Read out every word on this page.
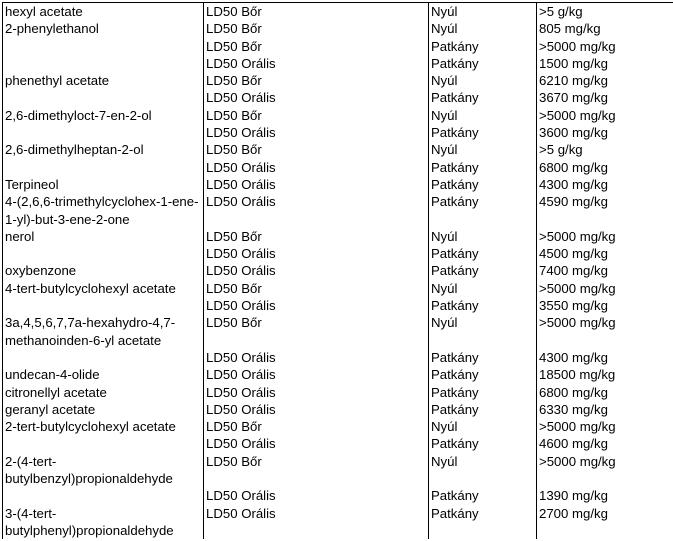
hexyl acetate	LD50 Bőr	Nyúl	>5 g/kg
2-phenylethanol	LD50 Bőr	Nyúl	805 mg/kg
	LD50 Bőr	Patkány	>5000 mg/kg
	LD50 Orális	Patkány	1500 mg/kg
phenethyl acetate	LD50 Bőr	Nyúl	6210 mg/kg
	LD50 Orális	Patkány	3670 mg/kg
2,6-dimethyloct-7-en-2-ol	LD50 Bőr	Nyúl	>5000 mg/kg
	LD50 Orális	Patkány	3600 mg/kg
2,6-dimethylheptan-2-ol	LD50 Bőr	Nyúl	>5 g/kg
	LD50 Orális	Patkány	6800 mg/kg
Terpineol	LD50 Orális	Patkány	4300 mg/kg
4-(2,6,6-trimethylcyclohex-1-ene-1-yl)-but-3-ene-2-one	LD50 Orális	Patkány	4590 mg/kg
nerol	LD50 Bőr	Nyúl	>5000 mg/kg
	LD50 Orális	Patkány	4500 mg/kg
oxybenzone	LD50 Orális	Patkány	7400 mg/kg
4-tert-butylcyclohexyl acetate	LD50 Bőr	Nyúl	>5000 mg/kg
	LD50 Orális	Patkány	3550 mg/kg
3a,4,5,6,7,7a-hexahydro-4,7-methanoinden-6-yl acetate	LD50 Bőr	Nyúl	>5000 mg/kg
	LD50 Orális	Patkány	4300 mg/kg
undecan-4-olide	LD50 Orális	Patkány	18500 mg/kg
citronellyl acetate	LD50 Orális	Patkány	6800 mg/kg
geranyl acetate	LD50 Orális	Patkány	6330 mg/kg
2-tert-butylcyclohexyl acetate	LD50 Bőr	Nyúl	>5000 mg/kg
	LD50 Orális	Patkány	4600 mg/kg
2-(4-tert-butylbenzyl)propionaldehyde	LD50 Bőr	Nyúl	>5000 mg/kg
	LD50 Orális	Patkány	1390 mg/kg
3-(4-tert-butylphenyl)propionaldehyde	LD50 Orális	Patkány	2700 mg/kg
